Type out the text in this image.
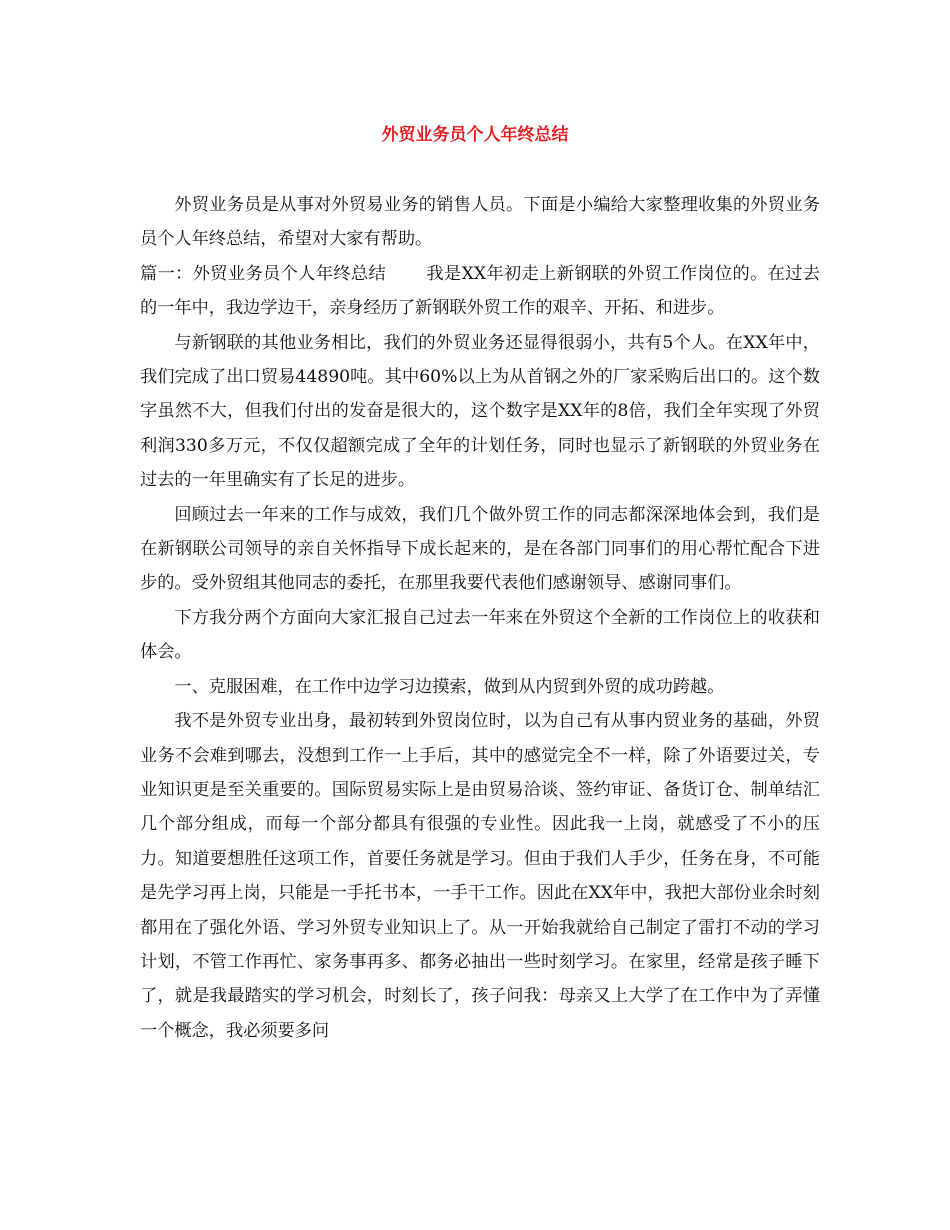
外贸业务员个人年终总结

外贸业务员是从事对外贸易业务的销售人员。下面是小编给大家整理收集的外贸业务员个人年终总结，希望对大家有帮助。

篇一：外贸业务员个人年终总结 我是XX年初走上新钢联的外贸工作岗位的。在过去的一年中，我边学边干，亲身经历了新钢联外贸工作的艰辛、开拓、和进步。

与新钢联的其他业务相比，我们的外贸业务还显得很弱小，共有5个人。在XX年中，我们完成了出口贸易44890吨。其中60%以上为从首钢之外的厂家采购后出口的。这个数字虽然不大，但我们付出的发奋是很大的，这个数字是XX年的8倍，我们全年实现了外贸利润330多万元，不仅仅超额完成了全年的计划任务，同时也显示了新钢联的外贸业务在过去的一年里确实有了长足的进步。

回顾过去一年来的工作与成效，我们几个做外贸工作的同志都深深地体会到，我们是在新钢联公司领导的亲自关怀指导下成长起来的，是在各部门同事们的用心帮忙配合下进步的。受外贸组其他同志的委托，在那里我要代表他们感谢领导、感谢同事们。

下方我分两个方面向大家汇报自己过去一年来在外贸这个全新的工作岗位上的收获和体会。

一、克服困难，在工作中边学习边摸索，做到从内贸到外贸的成功跨越。

我不是外贸专业出身，最初转到外贸岗位时，以为自己有从事内贸业务的基础，外贸业务不会难到哪去，没想到工作一上手后，其中的感觉完全不一样，除了外语要过关，专业知识更是至关重要的。国际贸易实际上是由贸易洽谈、签约审证、备货订仓、制单结汇几个部分组成，而每一个部分都具有很强的专业性。因此我一上岗，就感受了不小的压力。知道要想胜任这项工作，首要任务就是学习。但由于我们人手少，任务在身，不可能是先学习再上岗，只能是一手托书本，一手干工作。因此在XX年中，我把大部份业余时刻都用在了强化外语、学习外贸专业知识上了。从一开始我就给自己制定了雷打不动的学习计划，不管工作再忙、家务事再多、都务必抽出一些时刻学习。在家里，经常是孩子睡下了，就是我最踏实的学习机会，时刻长了，孩子问我：母亲又上大学了在工作中为了弄懂一个概念，我必须要多问
